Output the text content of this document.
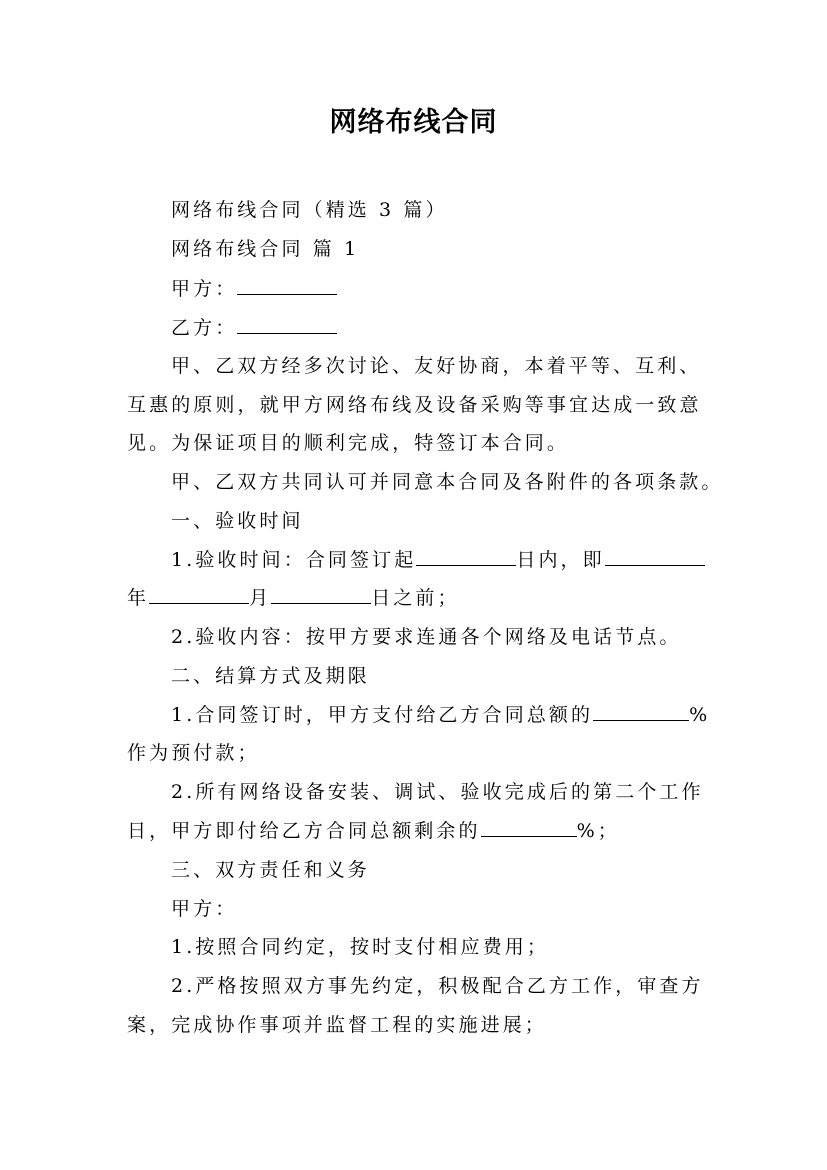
网络布线合同
网络布线合同（精选 3 篇）
网络布线合同 篇 1
甲方：
乙方：
甲、乙双方经多次讨论、友好协商，本着平等、互利、
互惠的原则，就甲方网络布线及设备采购等事宜达成一致意
见。为保证项目的顺利完成，特签订本合同。
甲、乙双方共同认可并同意本合同及各附件的各项条款。
一、验收时间
1.验收时间：合同签订起	日内，即
年	月	日之前；
2.验收内容：按甲方要求连通各个网络及电话节点。
二、结算方式及期限
1.合同签订时，甲方支付给乙方合同总额的	%
作为预付款；
2.所有网络设备安装、调试、验收完成后的第二个工作
日，甲方即付给乙方合同总额剩余的	%；
三、双方责任和义务
甲方：
1.按照合同约定，按时支付相应费用；
2.严格按照双方事先约定，积极配合乙方工作，审查方
案，完成协作事项并监督工程的实施进展；
